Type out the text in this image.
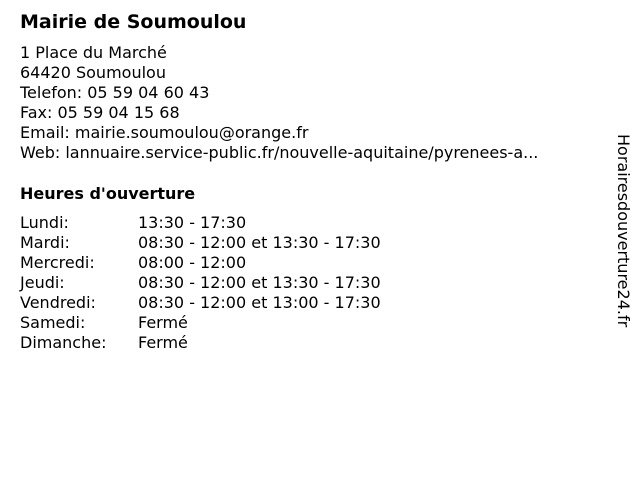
Mairie de Soumoulou
1 Place du Marché
64420 Soumoulou
Telefon: 05 59 04 60 43
Fax: 05 59 04 15 68
Email: mairie.soumoulou@orange.fr
Web: lannuaire.service-public.fr/nouvelle-aquitaine/pyrenees-a...
Heures d'ouverture
Lundi:	13:30 - 17:30
Mardi:	08:30 - 12:00 et 13:30 - 17:30
Mercredi:	08:00 - 12:00
Jeudi:	08:30 - 12:00 et 13:30 - 17:30
Vendredi:	08:30 - 12:00 et 13:00 - 17:30
Samedi:	Fermé
Dimanche: Fermé
Horairesdouverture24.fr
